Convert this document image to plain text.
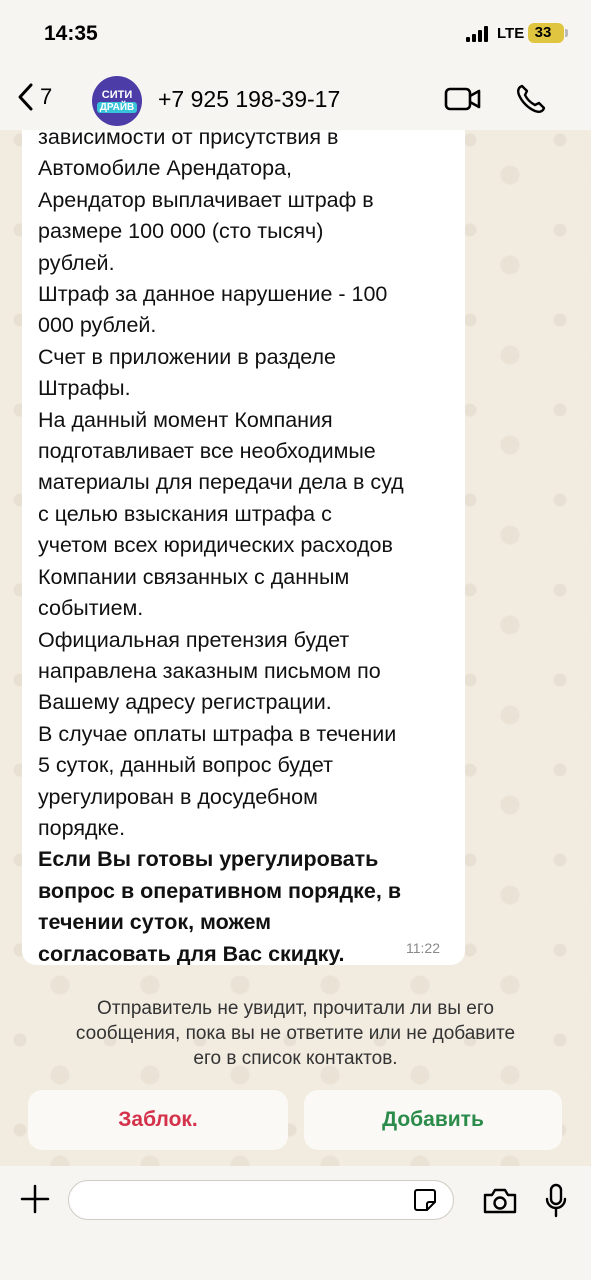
14:35	LTE 33
7	СИТИ
ДРАЙВ +7 925 198-39-17

зависимости от присутствия в

Автомобиле Арендатора,

Арендатор выплачивает штраф в

размере 100 000 (сто тысяч)

рублей.

Штраф за данное нарушение - 100

000 рублей.

Счет в приложении в разделе

Штрафы.

На данный момент Компания

подготавливает все необходимые

материалы для передачи дела в суд

с целью взыскания штрафа с

учетом всех юридических расходов

Компании связанных с данным

событием.

Официальная претензия будет

направлена заказным письмом по

Вашему адресу регистрации.

В случае оплаты штрафа в течении

5 суток, данный вопрос будет

урегулирован в досудебном

порядке.

Если Вы готовы урегулировать

вопрос в оперативном порядке, в

течении суток, можем

согласовать для Вас скидку.	11:22

Отправитель не увидит, прочитали ли вы его

сообщения, пока вы не ответите или не добавите

его в список контактов.

Заблок.	Добавить
